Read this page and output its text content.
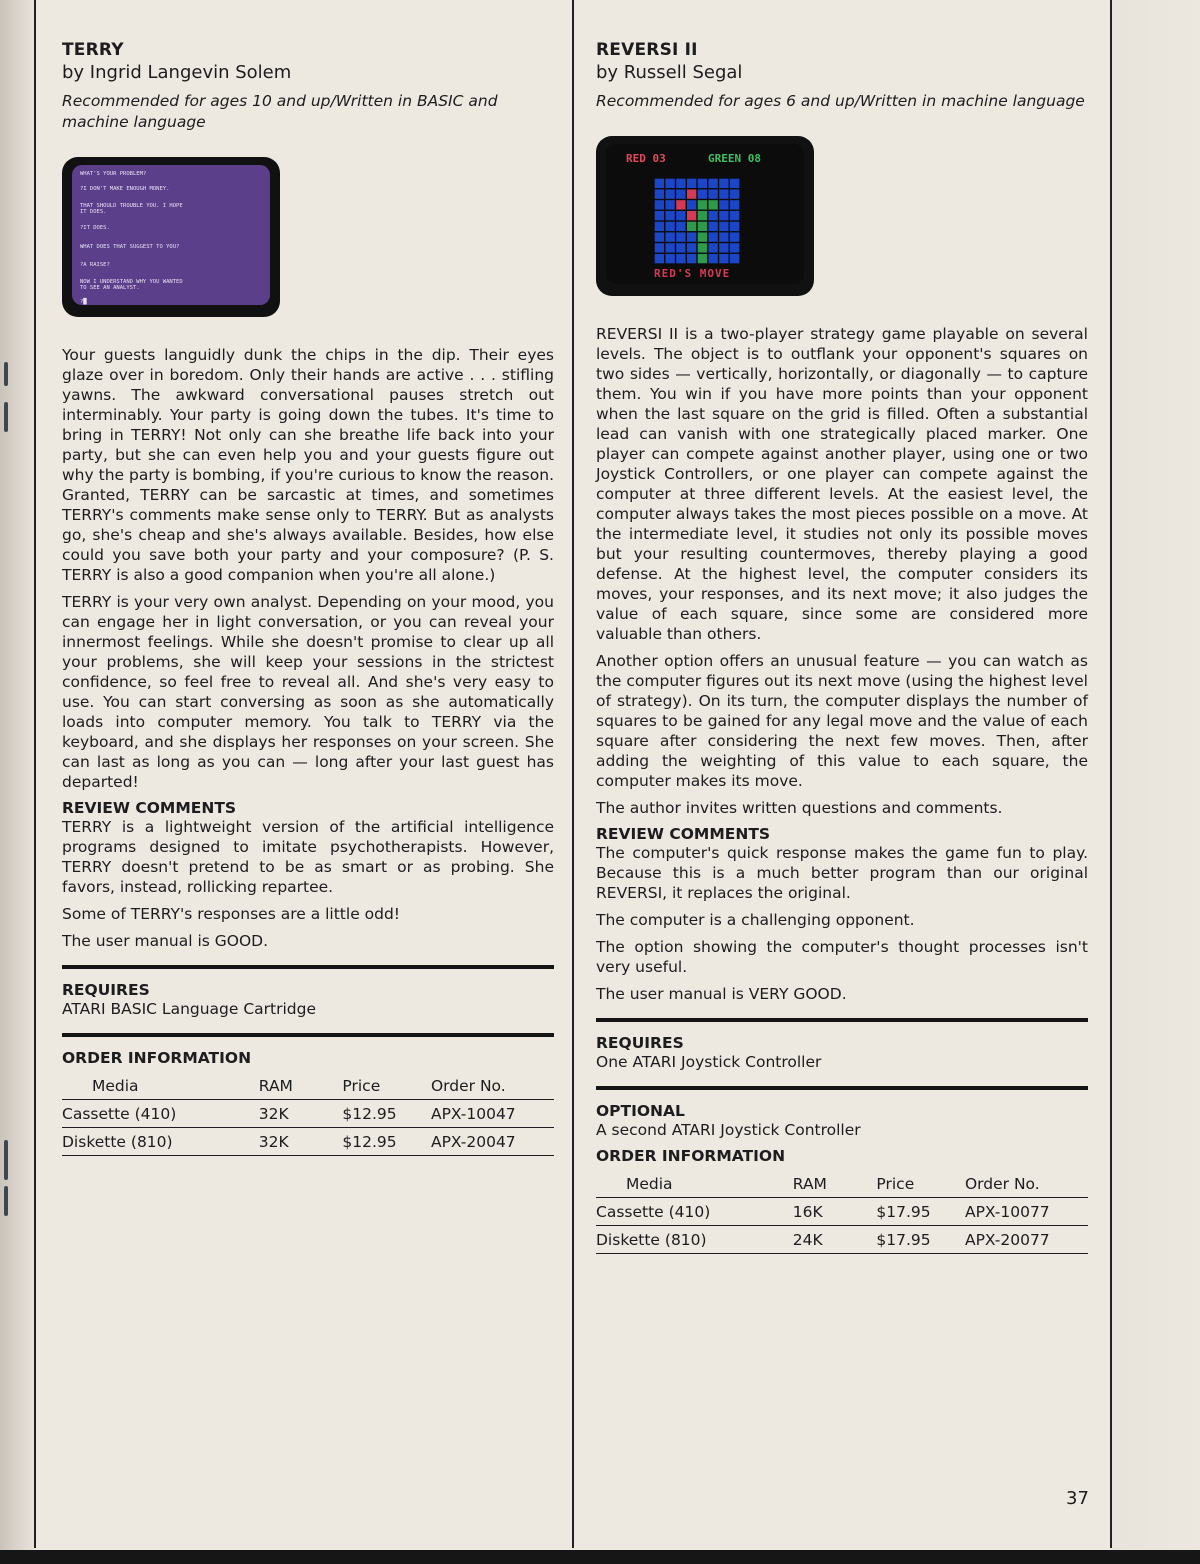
TERRY
by Ingrid Langevin Solem

Recommended for ages 10 and up/Written in BASIC and machine language

WHAT'S YOUR PROBLEM?
?I DON'T MAKE ENOUGH MONEY.
THAT SHOULD TROUBLE YOU. I HOPE
IT DOES.
?IT DOES.
WHAT DOES THAT SUGGEST TO YOU?
?A RAISE?
NOW I UNDERSTAND WHY YOU WANTED
TO SEE AN ANALYST.
?█

Your guests languidly dunk the chips in the dip. Their eyes glaze over in boredom. Only their hands are active . . . stifling yawns. The awkward conversational pauses stretch out interminably. Your party is going down the tubes. It's time to bring in TERRY! Not only can she breathe life back into your party, but she can even help you and your guests figure out why the party is bombing, if you're curious to know the reason. Granted, TERRY can be sarcastic at times, and sometimes TERRY's comments make sense only to TERRY. But as analysts go, she's cheap and she's always available. Besides, how else could you save both your party and your composure? (P. S. TERRY is also a good companion when you're all alone.)

TERRY is your very own analyst. Depending on your mood, you can engage her in light conversation, or you can reveal your innermost feelings. While she doesn't promise to clear up all your problems, she will keep your sessions in the strictest confidence, so feel free to reveal all. And she's very easy to use. You can start conversing as soon as she automatically loads into computer memory. You talk to TERRY via the keyboard, and she displays her responses on your screen. She can last as long as you can — long after your last guest has departed!

REVIEW COMMENTS

TERRY is a lightweight version of the artificial intelligence programs designed to imitate psychotherapists. However, TERRY doesn't pretend to be as smart or as probing. She favors, instead, rollicking repartee.

Some of TERRY's responses are a little odd!

The user manual is GOOD.

REQUIRES
ATARI BASIC Language Cartridge
ORDER INFORMATION
Media	RAM	Price	Order No.
Cassette (410)	32K	$12.95	APX-10047
Diskette (810)	32K	$12.95	APX-20047
REVERSI II
by Russell Segal

Recommended for ages 6 and up/Written in machine language

RED 03	GREEN 08
RED'S MOVE

REVERSI II is a two-player strategy game playable on several levels. The object is to outflank your opponent's squares on two sides — vertically, horizontally, or diagonally — to capture them. You win if you have more points than your opponent when the last square on the grid is filled. Often a substantial lead can vanish with one strategically placed marker. One player can compete against another player, using one or two Joystick Controllers, or one player can compete against the computer at three different levels. At the easiest level, the computer always takes the most pieces possible on a move. At the intermediate level, it studies not only its possible moves but your resulting countermoves, thereby playing a good defense. At the highest level, the computer considers its moves, your responses, and its next move; it also judges the value of each square, since some are considered more valuable than others.

Another option offers an unusual feature — you can watch as the computer figures out its next move (using the highest level of strategy). On its turn, the computer displays the number of squares to be gained for any legal move and the value of each square after considering the next few moves. Then, after adding the weighting of this value to each square, the computer makes its move.

The author invites written questions and comments.

REVIEW COMMENTS

The computer's quick response makes the game fun to play. Because this is a much better program than our original REVERSI, it replaces the original.

The computer is a challenging opponent.

The option showing the computer's thought processes isn't very useful.

The user manual is VERY GOOD.

REQUIRES
One ATARI Joystick Controller
OPTIONAL
A second ATARI Joystick Controller
ORDER INFORMATION
Media	RAM	Price	Order No.
Cassette (410)	16K	$17.95	APX-10077
Diskette (810)	24K	$17.95	APX-20077
37
